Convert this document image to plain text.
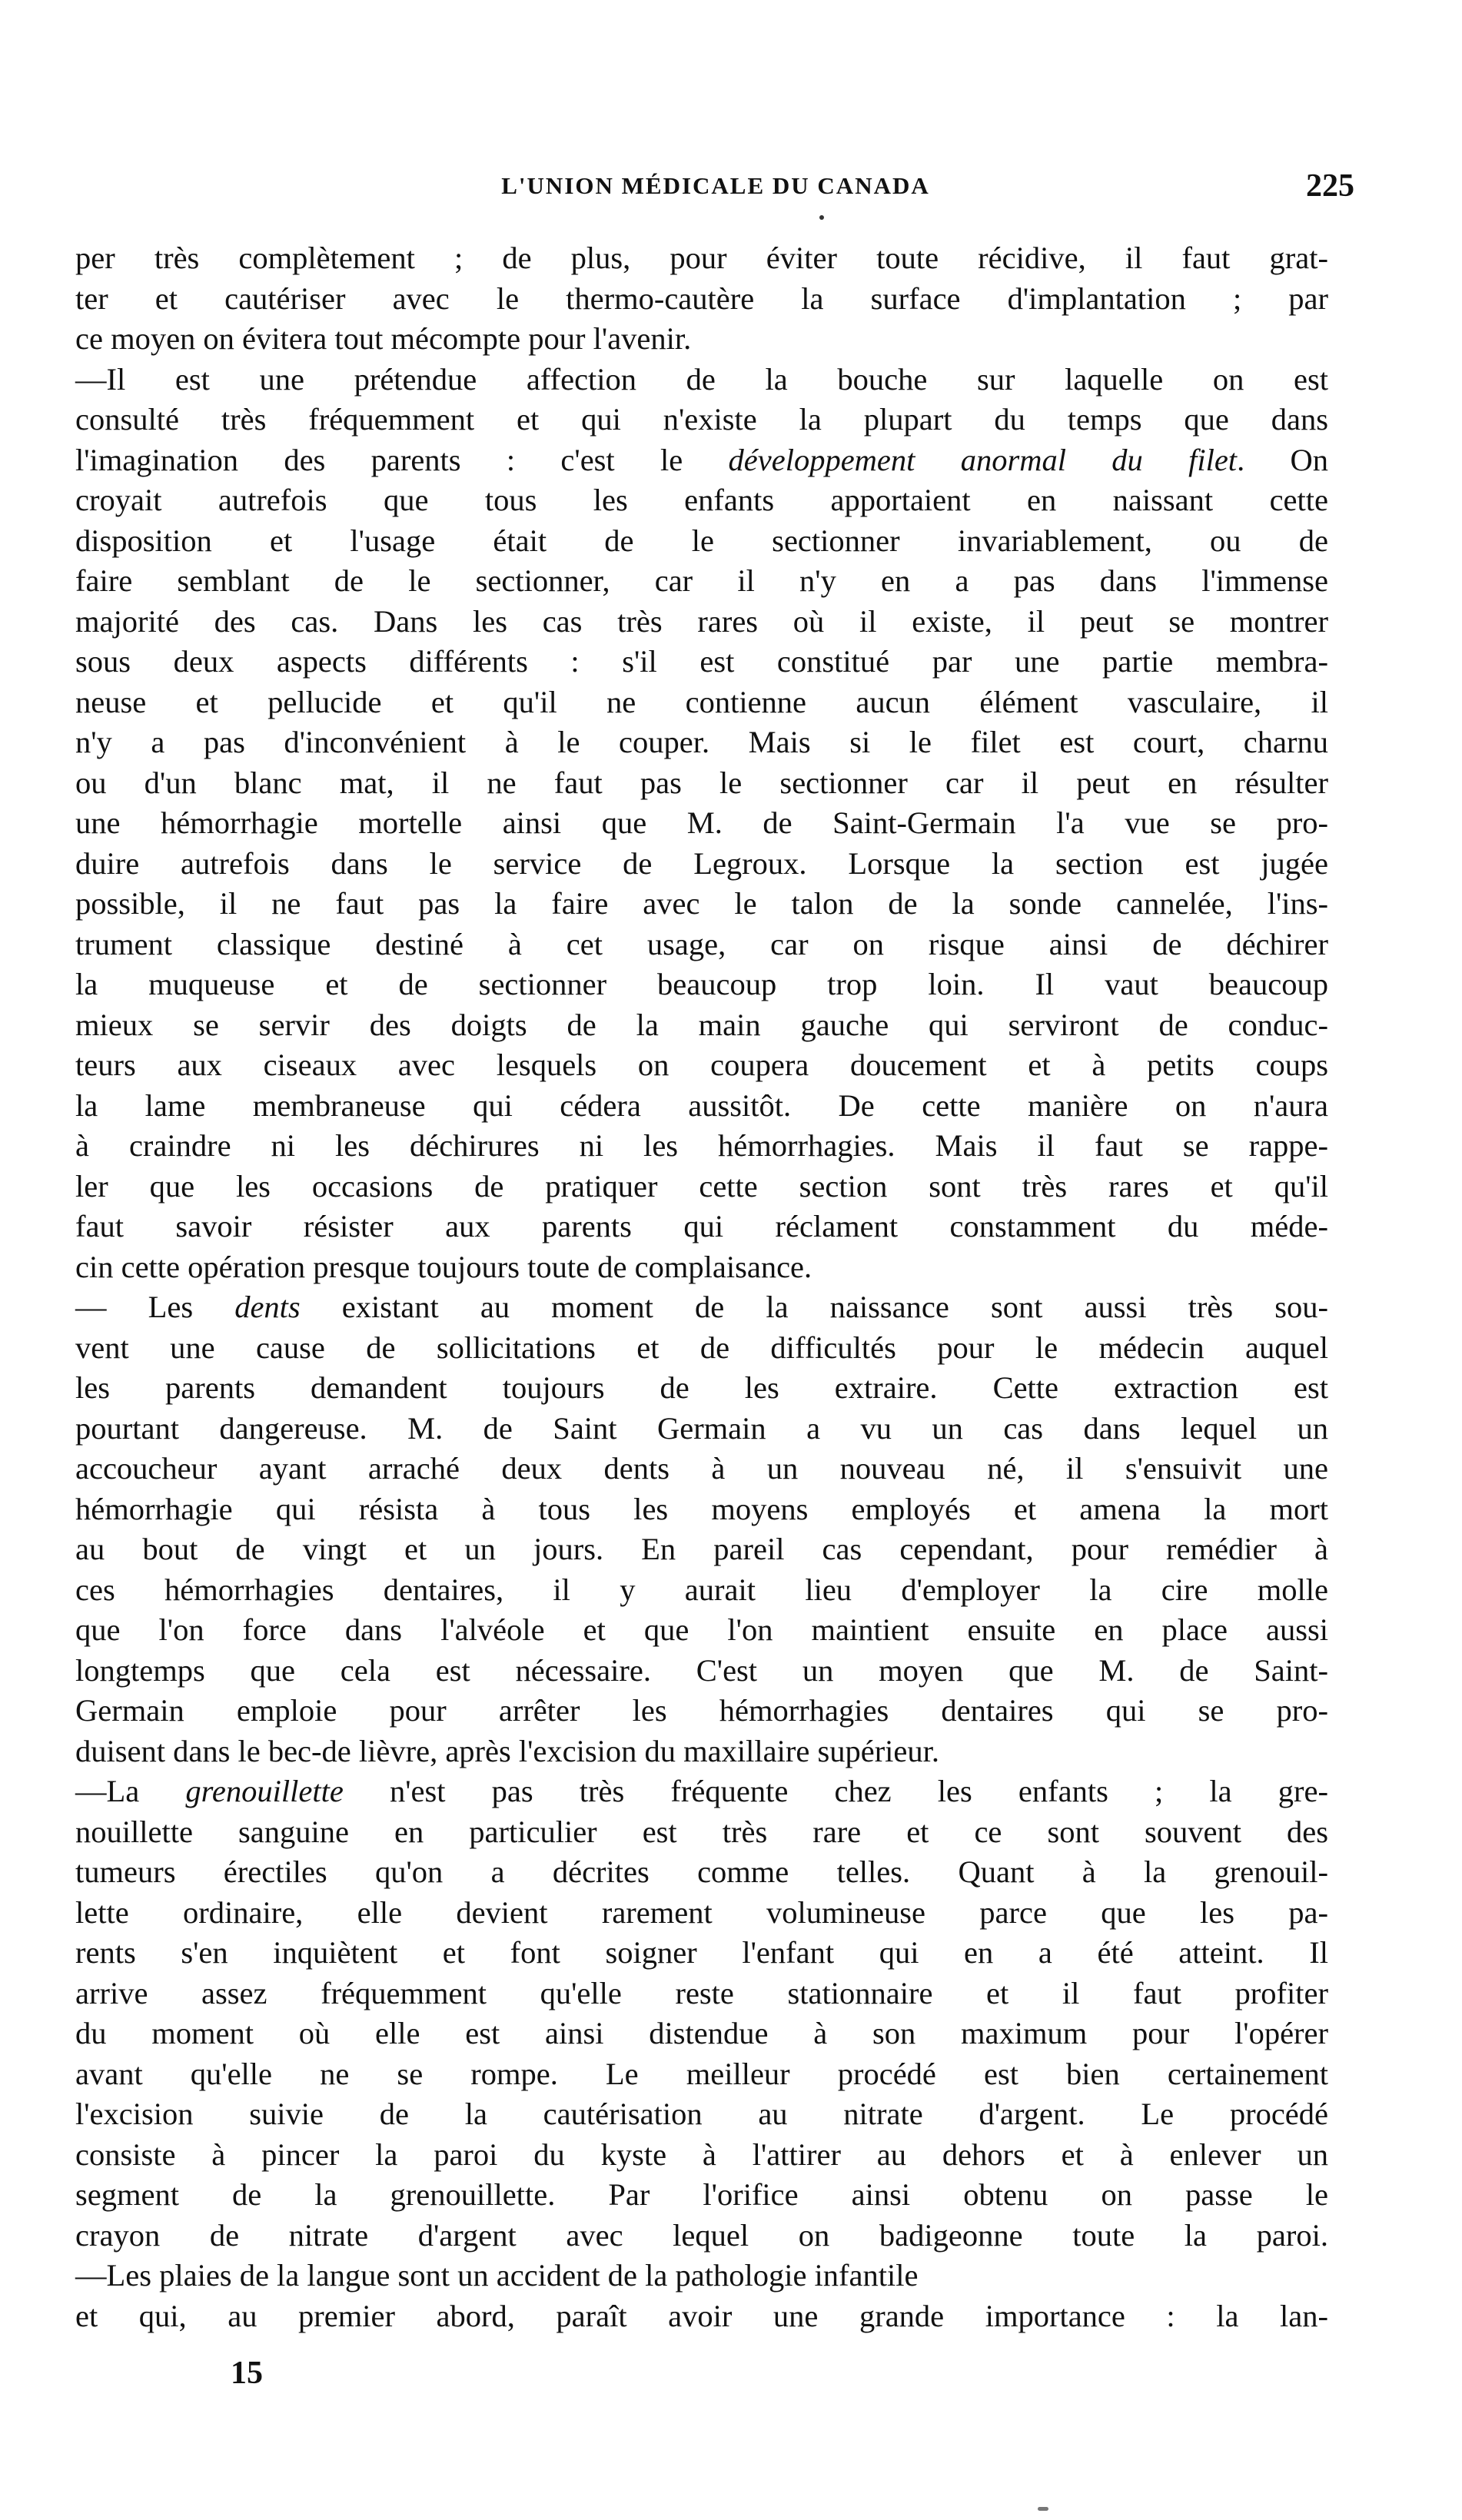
L'UNION MÉDICALE DU CANADA	225
per très complètement ; de plus, pour éviter toute récidive, il faut grat-
ter et cautériser avec le thermo-cautère la surface d'implantation ; par
ce moyen on évitera tout mécompte pour l'avenir.
—Il est une prétendue affection de la bouche sur laquelle on est
consulté très fréquemment et qui n'existe la plupart du temps que dans
l'imagination des parents : c'est le développement anormal du filet. On
croyait autrefois que tous les enfants apportaient en naissant cette
disposition et l'usage était de le sectionner invariablement, ou de
faire semblant de le sectionner, car il n'y en a pas dans l'immense
majorité des cas. Dans les cas très rares où il existe, il peut se montrer
sous deux aspects différents : s'il est constitué par une partie membra-
neuse et pellucide et qu'il ne contienne aucun élément vasculaire, il
n'y a pas d'inconvénient à le couper. Mais si le filet est court, charnu
ou d'un blanc mat, il ne faut pas le sectionner car il peut en résulter
une hémorrhagie mortelle ainsi que M. de Saint-Germain l'a vue se pro-
duire autrefois dans le service de Legroux. Lorsque la section est jugée
possible, il ne faut pas la faire avec le talon de la sonde cannelée, l'ins-
trument classique destiné à cet usage, car on risque ainsi de déchirer
la muqueuse et de sectionner beaucoup trop loin. Il vaut beaucoup
mieux se servir des doigts de la main gauche qui serviront de conduc-
teurs aux ciseaux avec lesquels on coupera doucement et à petits coups
la lame membraneuse qui cédera aussitôt. De cette manière on n'aura
à craindre ni les déchirures ni les hémorrhagies. Mais il faut se rappe-
ler que les occasions de pratiquer cette section sont très rares et qu'il
faut savoir résister aux parents qui réclament constamment du méde-
cin cette opération presque toujours toute de complaisance.
— Les dents existant au moment de la naissance sont aussi très sou-
vent une cause de sollicitations et de difficultés pour le médecin auquel
les parents demandent toujours de les extraire. Cette extraction est
pourtant dangereuse. M. de Saint Germain a vu un cas dans lequel un
accoucheur ayant arraché deux dents à un nouveau né, il s'ensuivit une
hémorrhagie qui résista à tous les moyens employés et amena la mort
au bout de vingt et un jours. En pareil cas cependant, pour remédier à
ces hémorrhagies dentaires, il y aurait lieu d'employer la cire molle
que l'on force dans l'alvéole et que l'on maintient ensuite en place aussi
longtemps que cela est nécessaire. C'est un moyen que M. de Saint-
Germain emploie pour arrêter les hémorrhagies dentaires qui se pro-
duisent dans le bec-de lièvre, après l'excision du maxillaire supérieur.
—La grenouillette n'est pas très fréquente chez les enfants ; la gre-
nouillette sanguine en particulier est très rare et ce sont souvent des
tumeurs érectiles qu'on a décrites comme telles. Quant à la grenouil-
lette ordinaire, elle devient rarement volumineuse parce que les pa-
rents s'en inquiètent et font soigner l'enfant qui en a été atteint. Il
arrive assez fréquemment qu'elle reste stationnaire et il faut profiter
du moment où elle est ainsi distendue à son maximum pour l'opérer
avant qu'elle ne se rompe. Le meilleur procédé est bien certainement
l'excision suivie de la cautérisation au nitrate d'argent. Le procédé
consiste à pincer la paroi du kyste à l'attirer au dehors et à enlever un
segment de la grenouillette. Par l'orifice ainsi obtenu on passe le
crayon de nitrate d'argent avec lequel on badigeonne toute la paroi.
—Les plaies de la langue sont un accident de la pathologie infantile
et qui, au premier abord, paraît avoir une grande importance : la lan-
15
